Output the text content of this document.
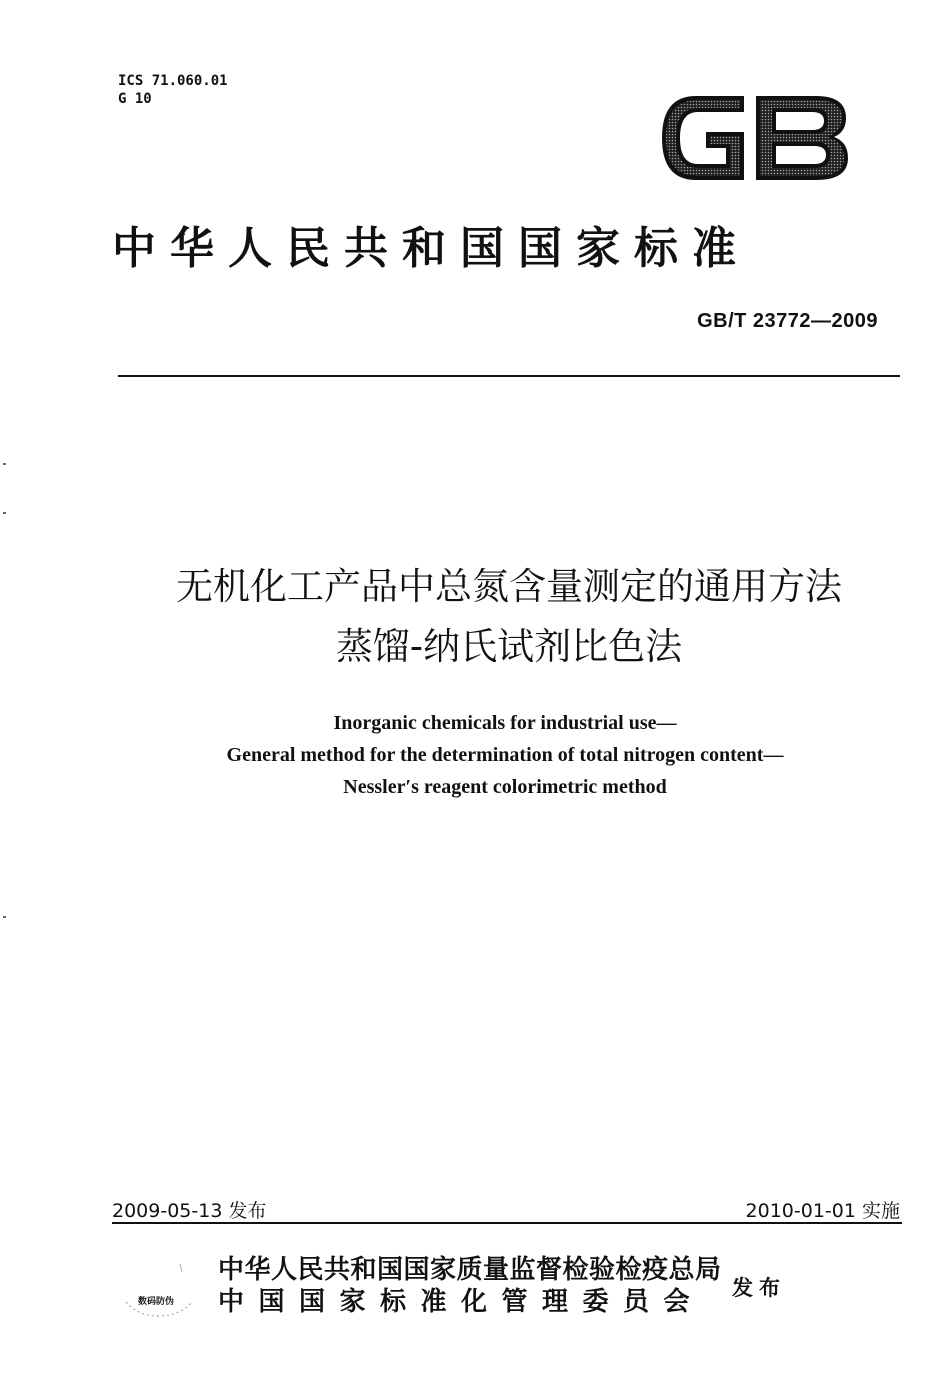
ICS 71.060.01
G 10
中华人民共和国国家标准
GB/T 23772—2009
无机化工产品中总氮含量测定的通用方法
蒸馏-纳氏试剂比色法
Inorganic chemicals for industrial use—
General method for the determination of total nitrogen content—
Nessler′s reagent colorimetric method
2009-05-13 发布	2010-01-01 实施
数码防伪
中华人民共和国国家质量监督检验检疫总局
中国国家标准化管理委员会 发布
